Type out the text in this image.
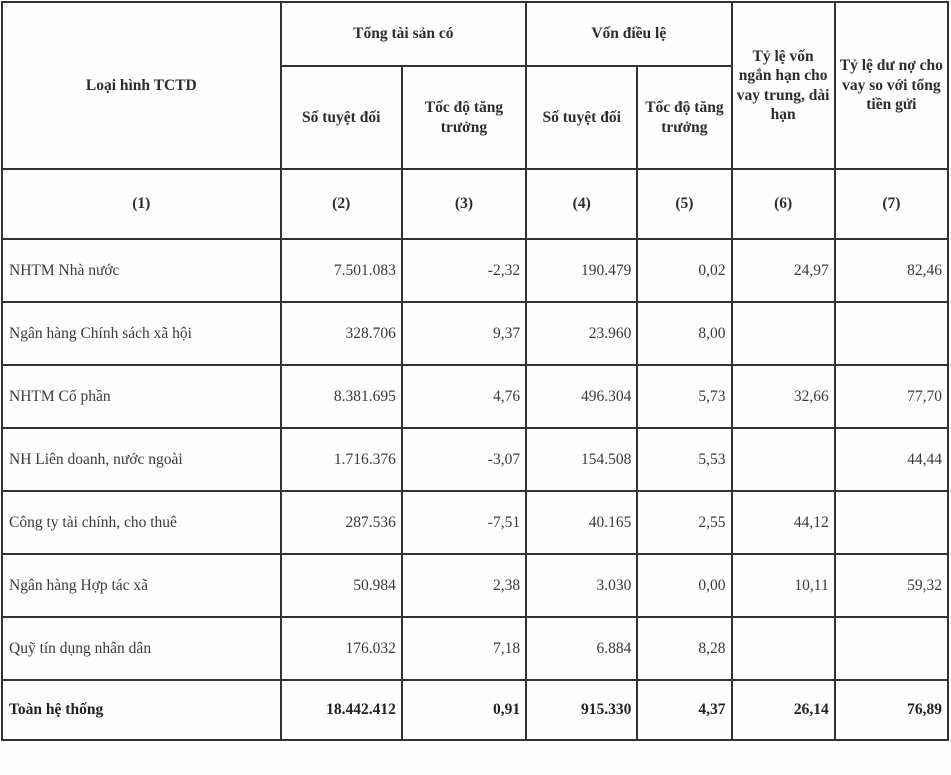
Loại hình TCTD	Tổng tài sản có		Vốn điều lệ		Tỷ lệ vốn ngắn hạn cho vay trung, dài hạn	Tỷ lệ dư nợ cho vay so với tổng tiền gửi
	Số tuyệt đối	Tốc độ tăng trưởng	Số tuyệt đối	Tốc độ tăng trưởng		
(1)	(2)	(3)	(4)	(5)	(6)	(7)
NHTM Nhà nước	7.501.083	-2,32	190.479	0,02	24,97	82,46
Ngân hàng Chính sách xã hội	328.706	9,37	23.960	8,00		
NHTM Cổ phần	8.381.695	4,76	496.304	5,73	32,66	77,70
NH Liên doanh, nước ngoài	1.716.376	-3,07	154.508	5,53		44,44
Công ty tài chính, cho thuê	287.536	-7,51	40.165	2,55	44,12	
Ngân hàng Hợp tác xã	50.984	2,38	3.030	0,00	10,11	59,32
Quỹ tín dụng nhân dân	176.032	7,18	6.884	8,28		
Toàn hệ thống	18.442.412	0,91	915.330	4,37	26,14	76,89
